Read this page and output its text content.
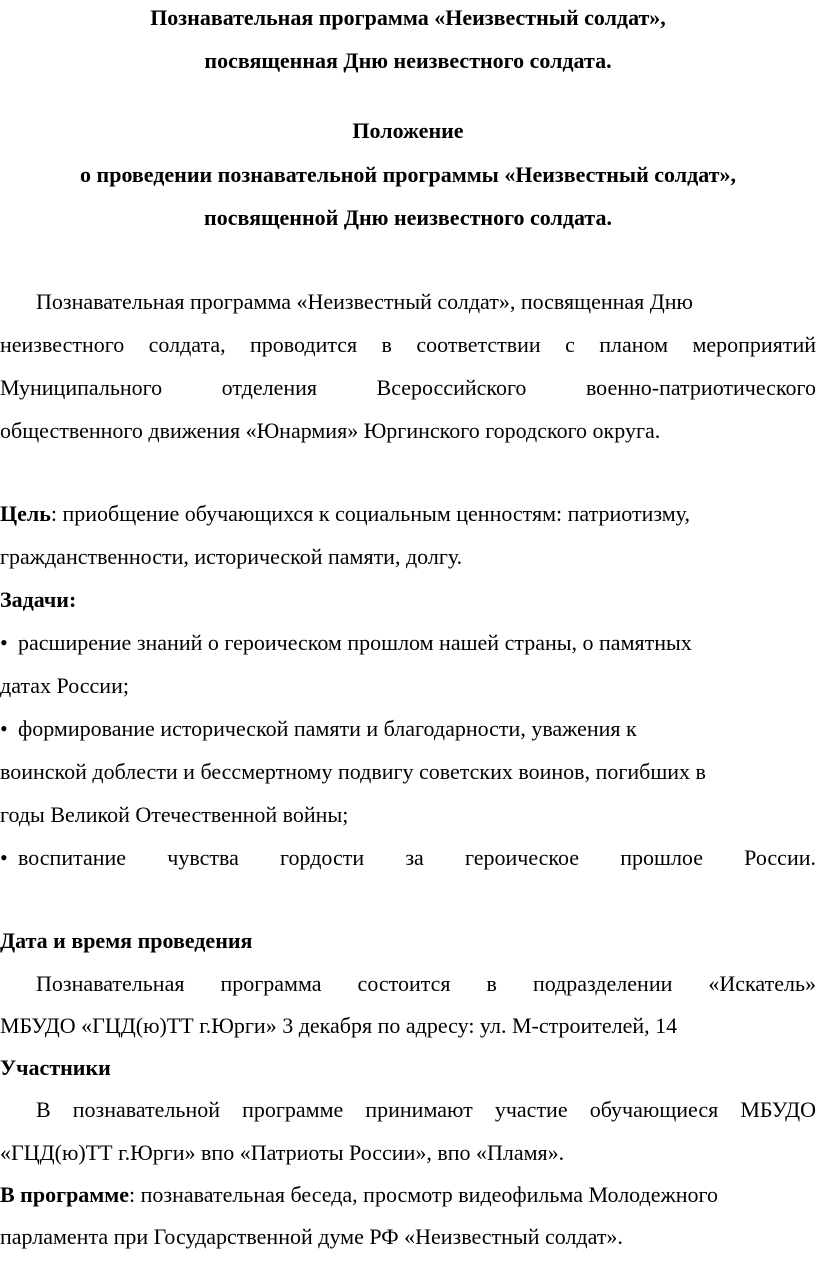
Познавательная программа «Неизвестный солдат»,
посвященная Дню неизвестного солдата.
Положение
о проведении познавательной программы «Неизвестный солдат»,
посвященной Дню неизвестного солдата.
Познавательная программа «Неизвестный солдат», посвященная Дню
неизвестного солдата, проводится в соответствии с планом мероприятий
Муниципального отделения Всероссийского военно-патриотического
общественного движения «Юнармия» Юргинского городского округа.
Цель: приобщение обучающихся к социальным ценностям: патриотизму,
гражданственности, исторической памяти, долгу.
Задачи:
• расширение знаний о героическом прошлом нашей страны, о памятных
датах России;
• формирование исторической памяти и благодарности, уважения к
воинской доблести и бессмертному подвигу советских воинов, погибших в
годы Великой Отечественной войны;
• воспитание чувства гордости за героическое прошлое России.
Дата и время проведения
Познавательная программа состоится в подразделении «Искатель»
МБУДО «ГЦД(ю)ТТ г.Юрги» 3 декабря по адресу: ул. М-строителей, 14
Участники
В познавательной программе принимают участие обучающиеся МБУДО
«ГЦД(ю)ТТ г.Юрги» впо «Патриоты России», впо «Пламя».
В программе: познавательная беседа, просмотр видеофильма Молодежного
парламента при Государственной думе РФ «Неизвестный солдат».
